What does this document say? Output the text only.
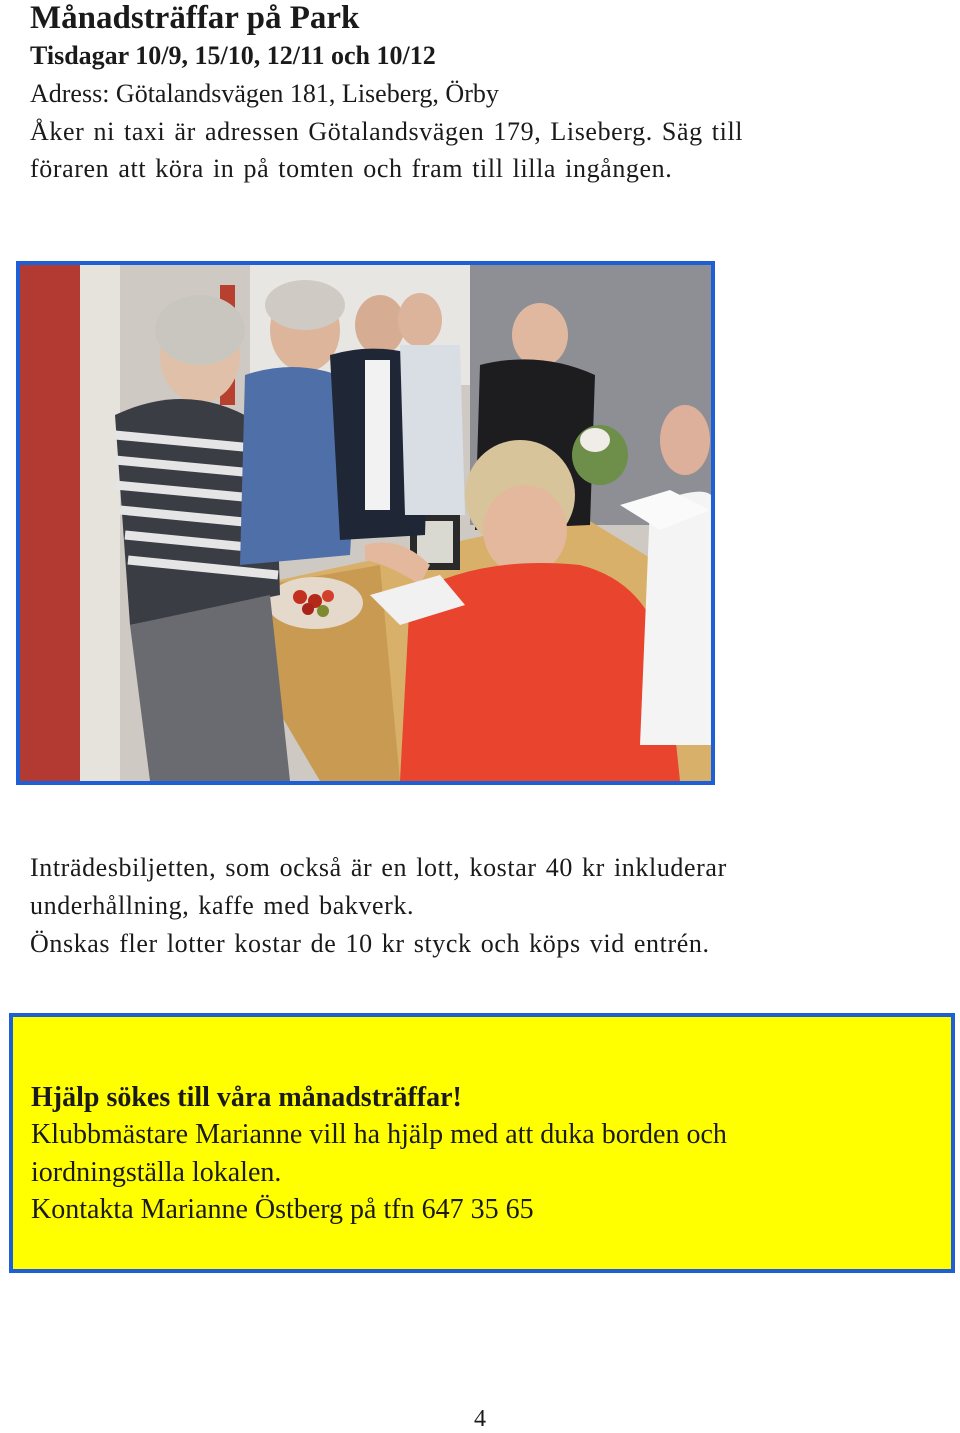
Månadsträffar på Park
Tisdagar 10/9, 15/10, 12/11 och 10/12
Adress: Götalandsvägen 181, Liseberg, Örby
Åker ni taxi är adressen Götalandsvägen 179, Liseberg. Säg till
föraren att köra in på tomten och fram till lilla ingången.
Inträdesbiljetten, som också är en lott, kostar 40 kr inkluderar
underhållning, kaffe med bakverk.
Önskas fler lotter kostar de 10 kr styck och köps vid entrén.
Hjälp sökes till våra månadsträffar!
Klubbmästare Marianne vill ha hjälp med att duka borden och
iordningställa lokalen.
Kontakta Marianne Östberg på tfn 647 35 65
4
